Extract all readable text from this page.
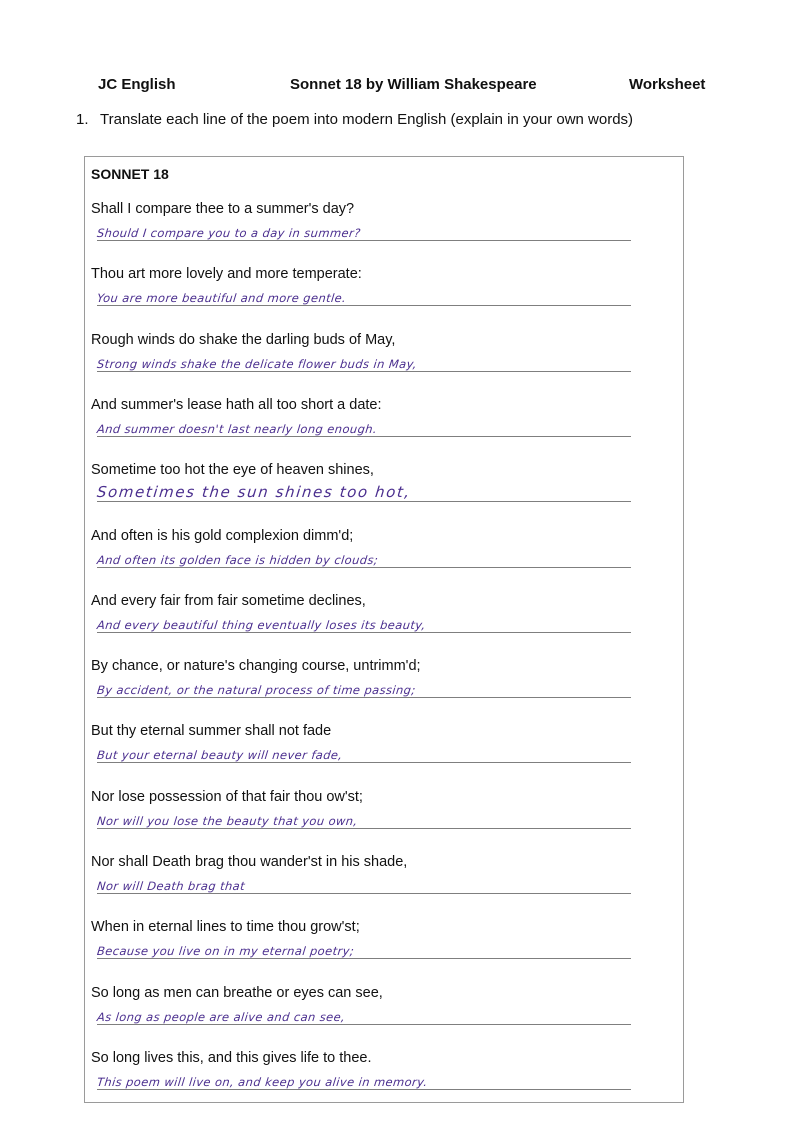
JC English	Sonnet 18 by William Shakespeare	Worksheet
1. Translate each line of the poem into modern English (explain in your own words)
SONNET 18
Shall I compare thee to a summer's day?
Should I compare you to a day in summer?
Thou art more lovely and more temperate:
You are more beautiful and more gentle.
Rough winds do shake the darling buds of May,
Strong winds shake the delicate flower buds in May,
And summer's lease hath all too short a date:
And summer doesn't last nearly long enough.
Sometime too hot the eye of heaven shines,
Sometimes the sun shines too hot,
And often is his gold complexion dimm'd;
And often its golden face is hidden by clouds;
And every fair from fair sometime declines,
And every beautiful thing eventually loses its beauty,
By chance, or nature's changing course, untrimm'd;
By accident, or the natural process of time passing;
But thy eternal summer shall not fade
But your eternal beauty will never fade,
Nor lose possession of that fair thou ow'st;
Nor will you lose the beauty that you own,
Nor shall Death brag thou wander'st in his shade,
Nor will Death brag that
When in eternal lines to time thou grow'st;
Because you live on in my eternal poetry;
So long as men can breathe or eyes can see,
As long as people are alive and can see,
So long lives this, and this gives life to thee.
This poem will live on, and keep you alive in memory.
